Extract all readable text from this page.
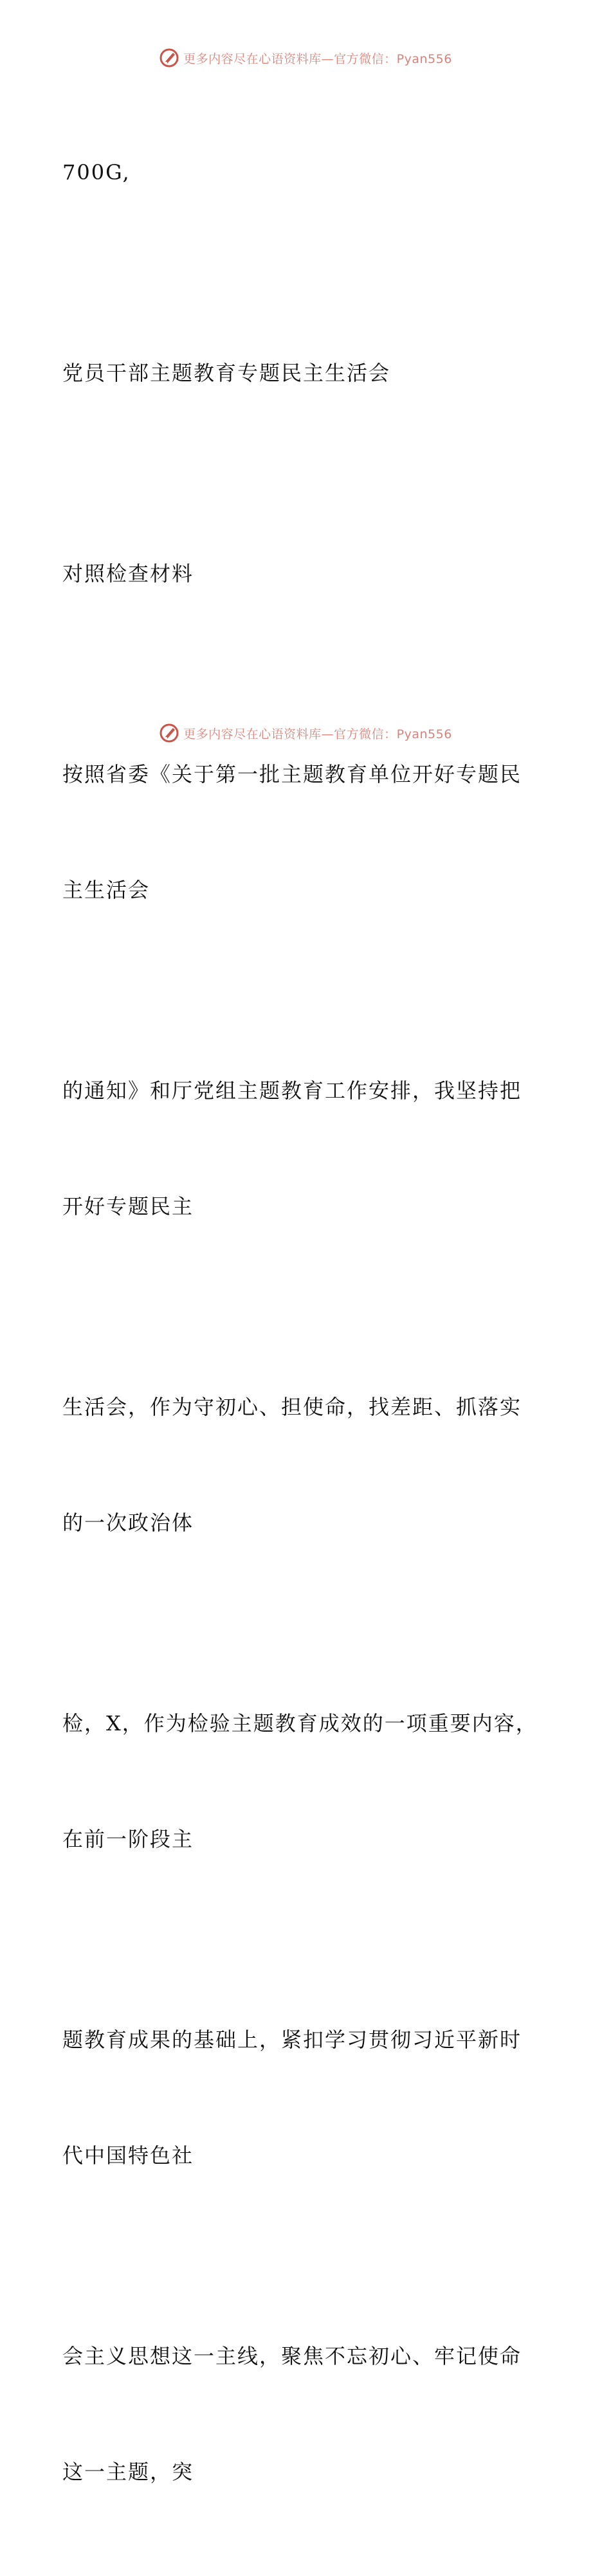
更多内容尽在心语资料库—官方微信：Pyan556

700G,

党员干部主题教育专题民主生活会

对照检查材料

按照省委《关于第一批主题教育单位开好专题民

主生活会

的通知》和厅党组主题教育工作安排，我坚持把

开好专题民主

生活会，作为守初心、担使命，找差距、抓落实

的一次政治体

检，X，作为检验主题教育成效的一项重要内容，

在前一阶段主

题教育成果的基础上，紧扣学习贯彻习近平新时

代中国特色社

会主义思想这一主线，聚焦不忘初心、牢记使命

这一主题，突

更多内容尽在心语资料库—官方微信：Pyan556
